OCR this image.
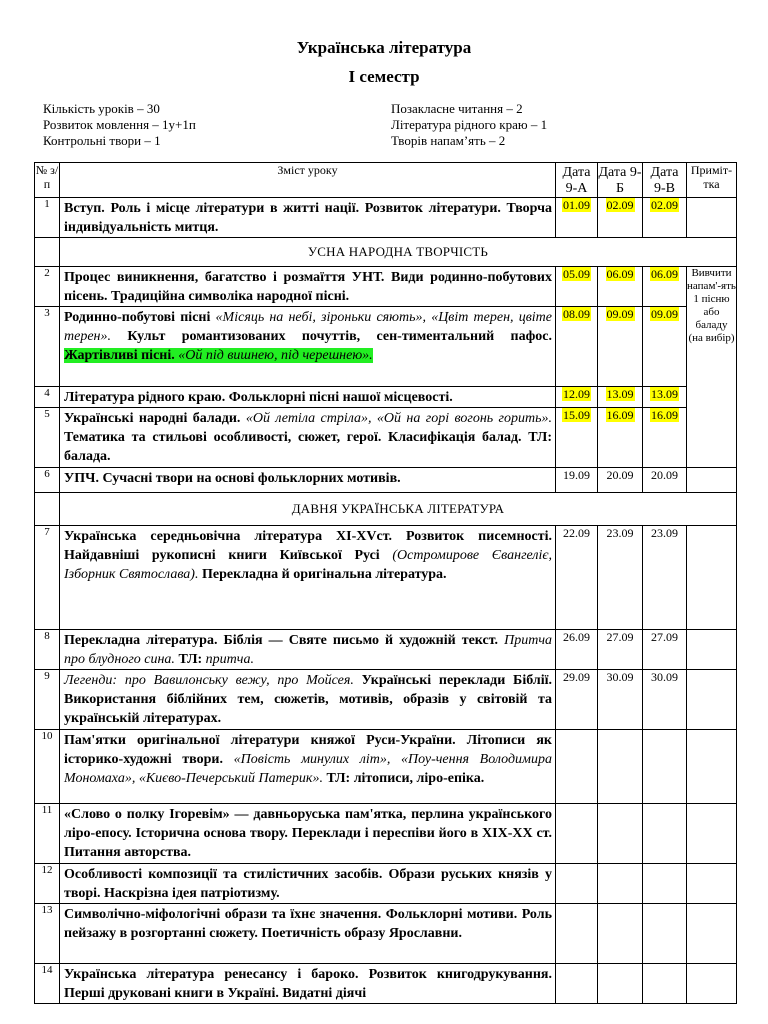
Українська література
І семестр
Кількість уроків – 30
Розвиток мовлення – 1у+1п
Контрольні твори – 1
Позакласне читання – 2
Література рідного краю – 1
Творів напам’ять – 2
№ з/п	Зміст уроку	Дата 9-А	Дата 9-Б	Дата 9-В	Приміт-тка
1	Вступ. Роль і місце літератури в житті нації. Розвиток літератури. Творча індивідуальність митця.	01.09	02.09	02.09	
	УСНА НАРОДНА ТВОРЧІСТЬ				
2	Процес виникнення, багатство і розмаїття УНТ. Види родинно-побутових пісень. Традиційна символіка народної пісні.	05.09	06.09	06.09	Вивчити напам'-ять 1 пісню або баладу (на вибір)
3	Родинно-побутові пісні «Місяць на небі, зіроньки сяють», «Цвіт терен, цвіте терен». Культ романтизованих почуттів, сен-тиментальний пафос. Жартівливі пісні. «Ой під вишнею, під черешнею».	08.09	09.09	09.09	
4	Література рідного краю. Фольклорні пісні нашої місцевості.	12.09	13.09	13.09	
5	Українські народні балади. «Ой летіла стріла», «Ой на горі вогонь горить». Тематика та стильові особливості, сюжет, герої. Класифікація балад. ТЛ: балада.	15.09	16.09	16.09	
6	УПЧ. Сучасні твори на основі фольклорних мотивів.	19.09	20.09	20.09	
	ДАВНЯ УКРАЇНСЬКА ЛІТЕРАТУРА				
7	Українська середньовічна література ХІ-ХVст. Розвиток писемності. Найдавніші рукописні книги Київської Русі (Остромирове Євангеліє, Ізборник Святослава). Перекладна й оригінальна література.	22.09	23.09	23.09	
8	Перекладна література. Біблія — Святе письмо й художній текст. Притча про блудного сина. ТЛ: притча.	26.09	27.09	27.09	
9	Легенди: про Вавилонську вежу, про Мойсея. Українські переклади Біблії. Використання біблійних тем, сюжетів, мотивів, образів у світовій та українській літературах.	29.09	30.09	30.09	
10	Пам'ятки оригінальної літератури княжої Руси-України. Літописи як історико-художні твори. «Повість минулих літ», «Поу-чення Володимира Мономаха», «Києво-Печерський Патерик». ТЛ: літописи, ліро-епіка.				
11	«Слово о полку Ігоревім» — давньоруська пам'ятка, перлина українського ліро-епосу. Історична основа твору. Переклади і переспіви його в ХІХ-ХХ ст. Питання авторства.				
12	Особливості композиції та стилістичних засобів. Образи руських князів у творі. Наскрізна ідея патріотизму.				
13	Символічно-міфологічні образи та їхнє значення. Фольклорні мотиви. Роль пейзажу в розгортанні сюжету. Поетичність образу Ярославни.				
14	Українська література ренесансу і бароко. Розвиток книгодрукування. Перші друковані книги в Україні. Видатні діячі				
